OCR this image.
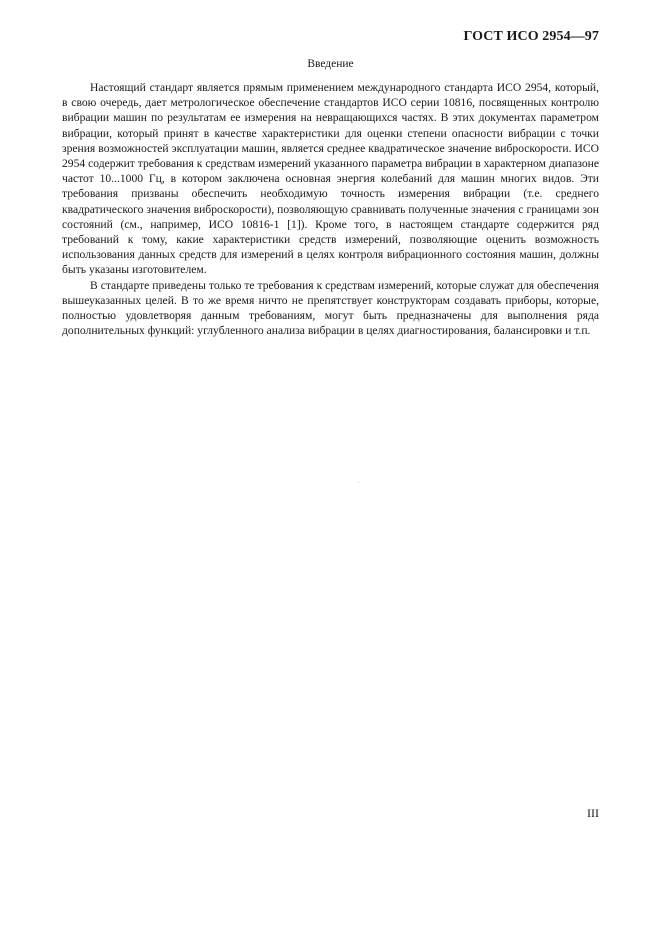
ГОСТ ИСО 2954—97
Введение

Настоящий стандарт является прямым применением международного стандарта ИСО 2954, который, в свою очередь, дает метрологическое обеспечение стандартов ИСО серии 10816, посвященных контролю вибрации машин по результатам ее измерения на невращающихся частях. В этих документах параметром вибрации, который принят в качестве характеристики для оценки степени опасности вибрации с точки зрения возможностей эксплуатации машин, является среднее квадратическое значение виброскорости. ИСО 2954 содержит требования к средствам измерений указанного параметра вибрации в характерном диапазоне частот 10...1000 Гц, в котором заключена основная энергия колебаний для машин многих видов. Эти требования призваны обеспечить необходимую точность измерения вибрации (т.е. среднего квадратического значения виброскорости), позволяющую сравнивать полученные значения с границами зон состояний (см., например, ИСО 10816-1 [1]). Кроме того, в настоящем стандарте содержится ряд требований к тому, какие характеристики средств измерений, позволяющие оценить возможность использования данных средств для измерений в целях контроля вибрационного состояния машин, должны быть указаны изготовителем.

В стандарте приведены только те требования к средствам измерений, которые служат для обеспечения вышеуказанных целей. В то же время ничто не препятствует конструкторам создавать приборы, которые, полностью удовлетворяя данным требованиям, могут быть предназначены для выполнения ряда дополнительных функций: углубленного анализа вибрации в целях диагностирования, балансировки и т.п.

III
